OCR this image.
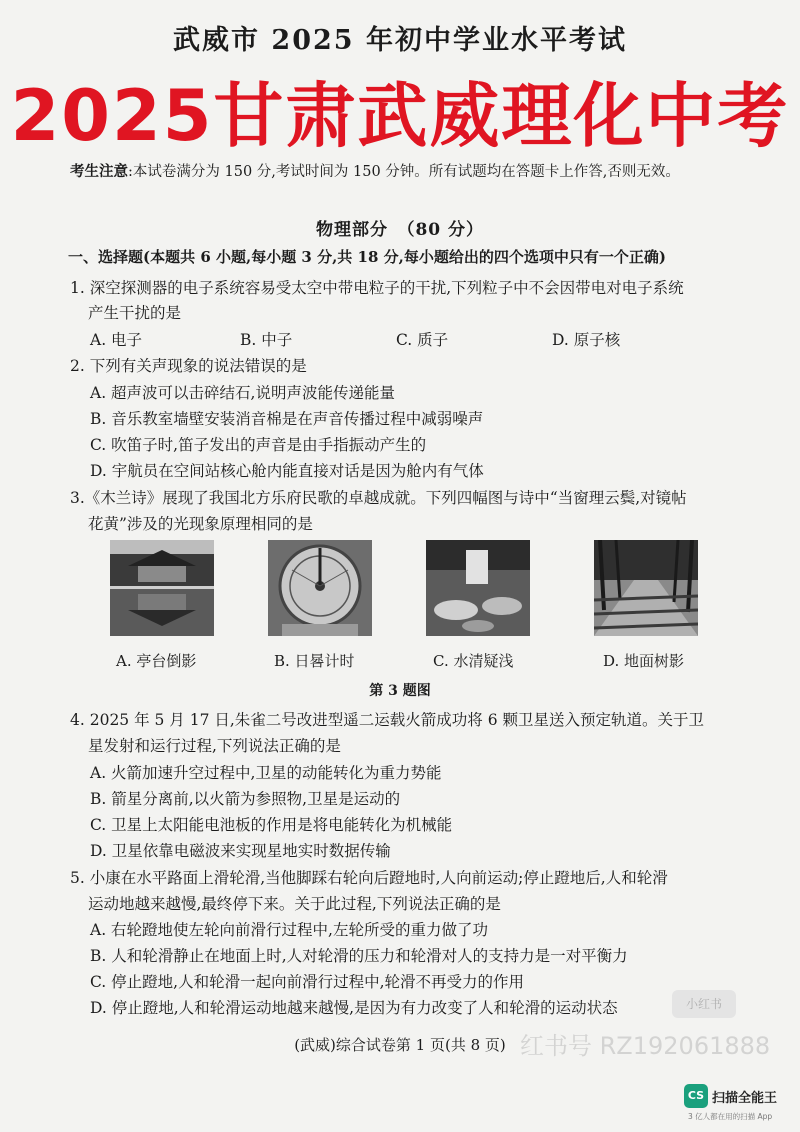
武威市 2025 年初中学业水平考试
2025甘肃武威理化中考
考生注意:本试卷满分为 150 分,考试时间为 150 分钟。所有试题均在答题卡上作答,否则无效。
物理部分　（80 分）
一、选择题(本题共 6 小题,每小题 3 分,共 18 分,每小题给出的四个选项中只有一个正确)
1. 深空探测器的电子系统容易受太空中带电粒子的干扰,下列粒子中不会因带电对电子系统
产生干扰的是
A. 电子	B. 中子	C. 质子	D. 原子核
2. 下列有关声现象的说法错误的是
A. 超声波可以击碎结石,说明声波能传递能量
B. 音乐教室墙壁安装消音棉是在声音传播过程中减弱噪声
C. 吹笛子时,笛子发出的声音是由手指振动产生的
D. 宇航员在空间站核心舱内能直接对话是因为舱内有气体
3.《木兰诗》展现了我国北方乐府民歌的卓越成就。下列四幅图与诗中“当窗理云鬓,对镜帖
花黄”涉及的光现象原理相同的是
A. 亭台倒影	B. 日晷计时	C. 水清疑浅	D. 地面树影
第 3 题图
4. 2025 年 5 月 17 日,朱雀二号改进型遥二运载火箭成功将 6 颗卫星送入预定轨道。关于卫
星发射和运行过程,下列说法正确的是
A. 火箭加速升空过程中,卫星的动能转化为重力势能
B. 箭星分离前,以火箭为参照物,卫星是运动的
C. 卫星上太阳能电池板的作用是将电能转化为机械能
D. 卫星依靠电磁波来实现星地实时数据传输
5. 小康在水平路面上滑轮滑,当他脚踩右轮向后蹬地时,人向前运动;停止蹬地后,人和轮滑
运动地越来越慢,最终停下来。关于此过程,下列说法正确的是
A. 右轮蹬地使左轮向前滑行过程中,左轮所受的重力做了功
B. 人和轮滑静止在地面上时,人对轮滑的压力和轮滑对人的支持力是一对平衡力
C. 停止蹬地,人和轮滑一起向前滑行过程中,轮滑不再受力的作用
D. 停止蹬地,人和轮滑运动地越来越慢,是因为有力改变了人和轮滑的运动状态	小红书
红书号 RZ192061888
(武威)综合试卷第 1 页(共 8 页)
CS 扫描全能王
3 亿人都在用的扫描 App
